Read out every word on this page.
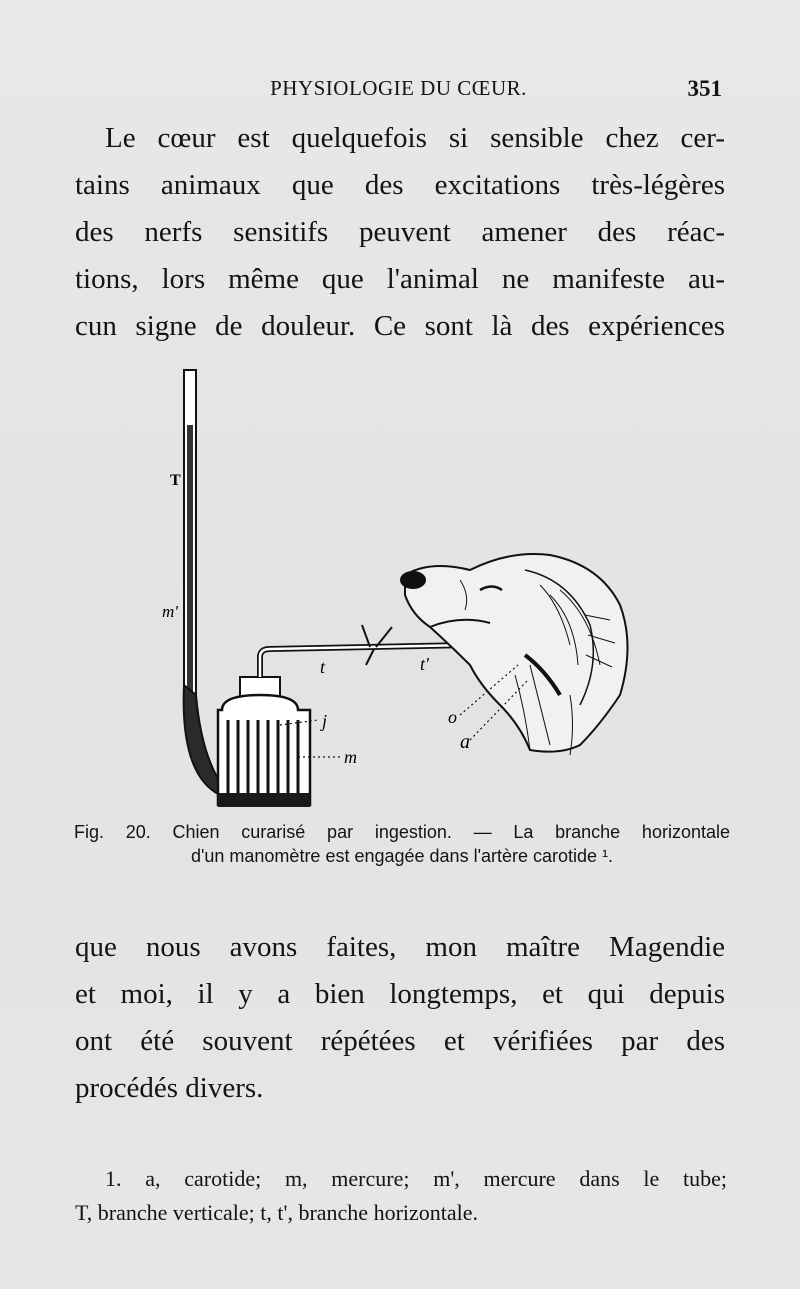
PHYSIOLOGIE DU CŒUR.	351
Le cœur est quelquefois si sensible chez cer-
tains animaux que des excitations très-légères
des nerfs sensitifs peuvent amener des réac-
tions, lors même que l'animal ne manifeste au-
cun signe de douleur. Ce sont là des expériences
T
m'
t	t'
o
a
j
m
Fig. 20. Chien curarisé par ingestion. — La branche horizontale
d'un manomètre est engagée dans l'artère carotide ¹.
que nous avons faites, mon maître Magendie
et moi, il y a bien longtemps, et qui depuis
ont été souvent répétées et vérifiées par des
procédés divers.
1. a, carotide; m, mercure; m', mercure dans le tube;
T, branche verticale; t, t', branche horizontale.
